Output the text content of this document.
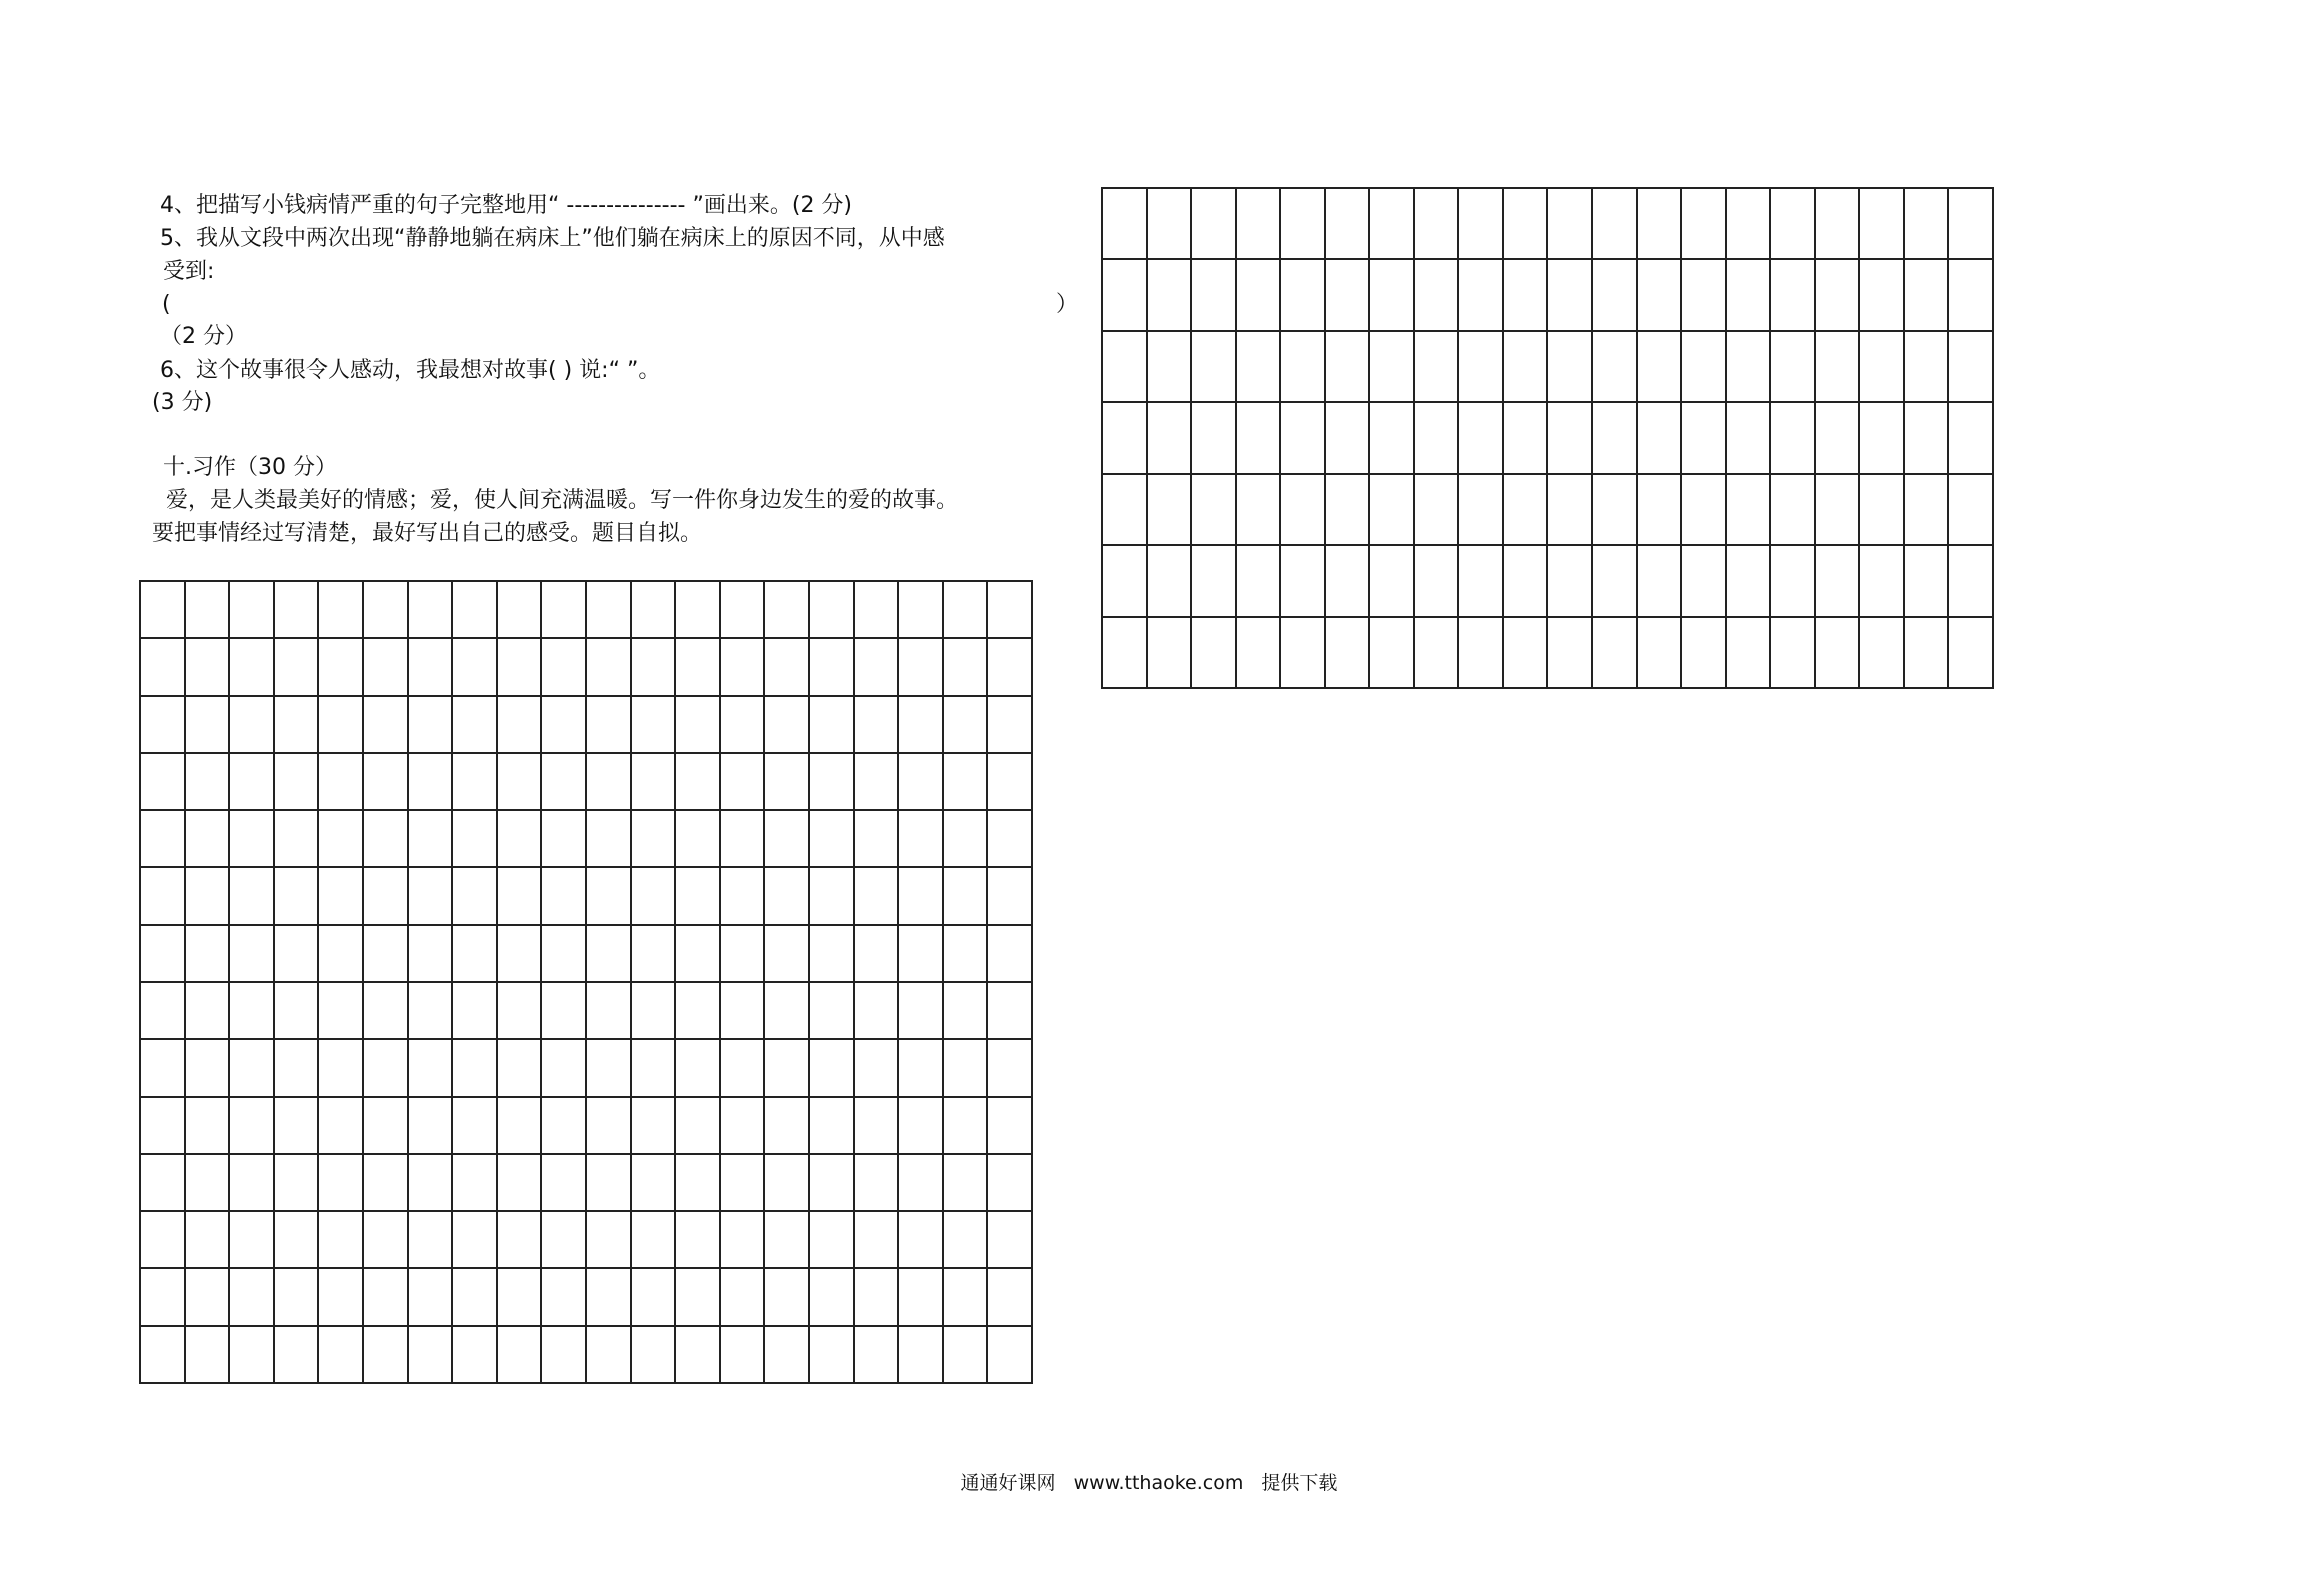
4、把描写小钱病情严重的句子完整地用“ --------------- ”画出来。(2 分)
5、我从文段中两次出现“静静地躺在病床上”他们躺在病床上的原因不同，从中感
受到:
(	）
（2 分）
6、这个故事很令人感动，我最想对故事( ) 说:“ ”。
(3 分)
十.习作（30 分）
爱，是人类最美好的情感；爱，使人间充满温暖。写一件你身边发生的爱的故事。
要把事情经过写清楚，最好写出自己的感受。题目自拟。
通通好课网 www.tthaoke.com 提供下载
